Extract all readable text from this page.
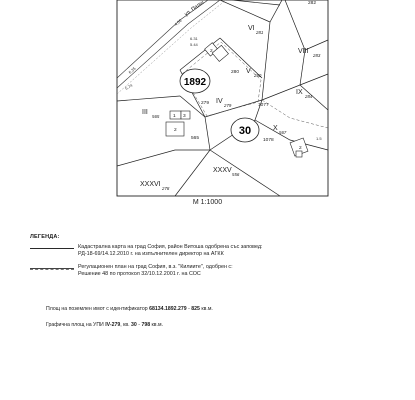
ул. Палш
1892
30
VI
281
VIII
283
V
280
IX
284
IV
279
III
565
X
567
XXXV
556
XXXVI
278
280
279
565	1078
1077
282
1 3
2
2
2
4.58
5.44
6.35
5.74
6.31
1.5
М 1:1000
ЛЕГЕНДА:
Кадастрална карта на град София, район Витоша одобрена със заповед:
РД-18-69/14.12.2010 г. на изпълнителен директор на АГКК
Регулационен план на град София, в.з. "Килиите", одобрен с:
Решение 48 по протокол 32/10.12.2001 г. на СОС
Площ на поземлен имот с идентификатор 68134.1892.279 - 825 кв.м.
Графична площ на УПИ IV-279, кв. 30 - 798 кв.м.
